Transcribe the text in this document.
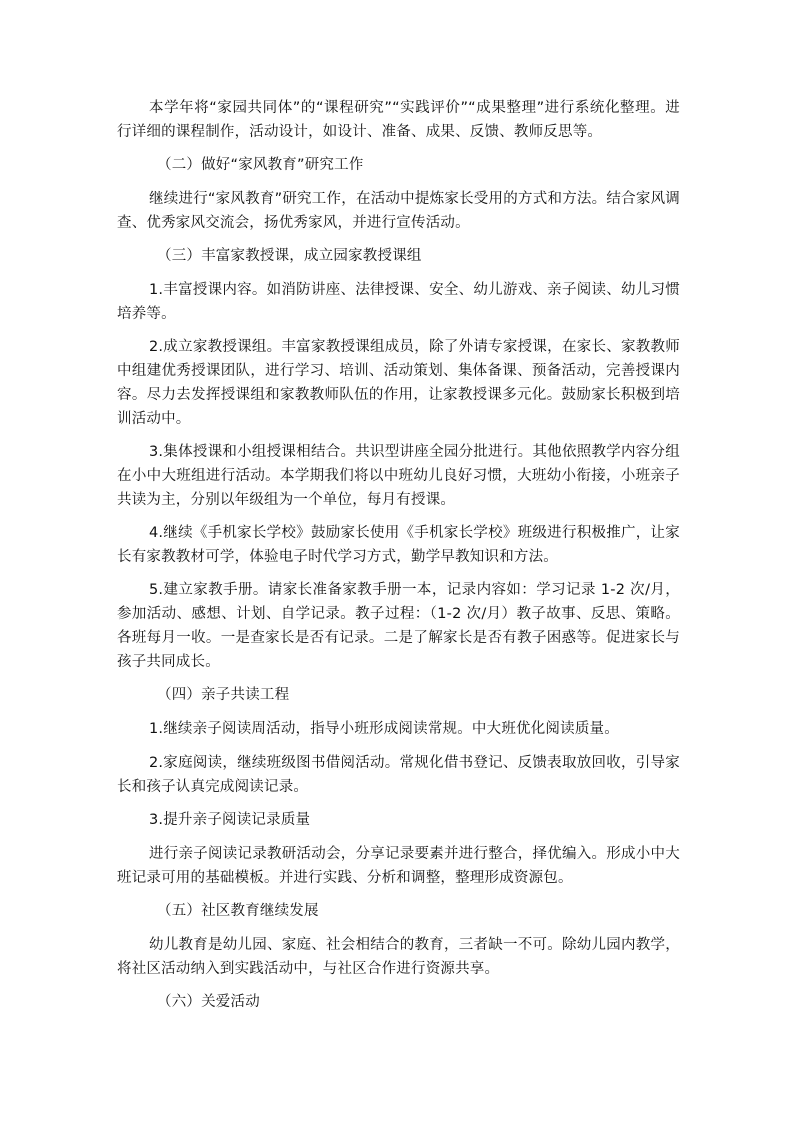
本学年将“家园共同体”的“课程研究”“实践评价”“成果整理”进行系统化整理。进行详细的课程制作，活动设计，如设计、准备、成果、反馈、教师反思等。

（二）做好“家风教育”研究工作

继续进行“家风教育”研究工作，在活动中提炼家长受用的方式和方法。结合家风调查、优秀家风交流会，扬优秀家风，并进行宣传活动。

（三）丰富家教授课，成立园家教授课组

1.丰富授课内容。如消防讲座、法律授课、安全、幼儿游戏、亲子阅读、幼儿习惯培养等。

2.成立家教授课组。丰富家教授课组成员，除了外请专家授课，在家长、家教教师中组建优秀授课团队，进行学习、培训、活动策划、集体备课、预备活动，完善授课内容。尽力去发挥授课组和家教教师队伍的作用，让家教授课多元化。鼓励家长积极到培训活动中。

3.集体授课和小组授课相结合。共识型讲座全园分批进行。其他依照教学内容分组在小中大班组进行活动。本学期我们将以中班幼儿良好习惯，大班幼小衔接，小班亲子共读为主，分别以年级组为一个单位，每月有授课。

4.继续《手机家长学校》鼓励家长使用《手机家长学校》班级进行积极推广，让家长有家教教材可学，体验电子时代学习方式，勤学早教知识和方法。

5.建立家教手册。请家长准备家教手册一本，记录内容如：学习记录 1-2 次/月，参加活动、感想、计划、自学记录。教子过程：（1-2 次/月）教子故事、反思、策略。各班每月一收。一是查家长是否有记录。二是了解家长是否有教子困惑等。促进家长与孩子共同成长。

（四）亲子共读工程

1.继续亲子阅读周活动，指导小班形成阅读常规。中大班优化阅读质量。

2.家庭阅读，继续班级图书借阅活动。常规化借书登记、反馈表取放回收，引导家长和孩子认真完成阅读记录。

3.提升亲子阅读记录质量

进行亲子阅读记录教研活动会，分享记录要素并进行整合，择优编入。形成小中大班记录可用的基础模板。并进行实践、分析和调整，整理形成资源包。

（五）社区教育继续发展

幼儿教育是幼儿园、家庭、社会相结合的教育，三者缺一不可。除幼儿园内教学，将社区活动纳入到实践活动中，与社区合作进行资源共享。

（六）关爱活动
